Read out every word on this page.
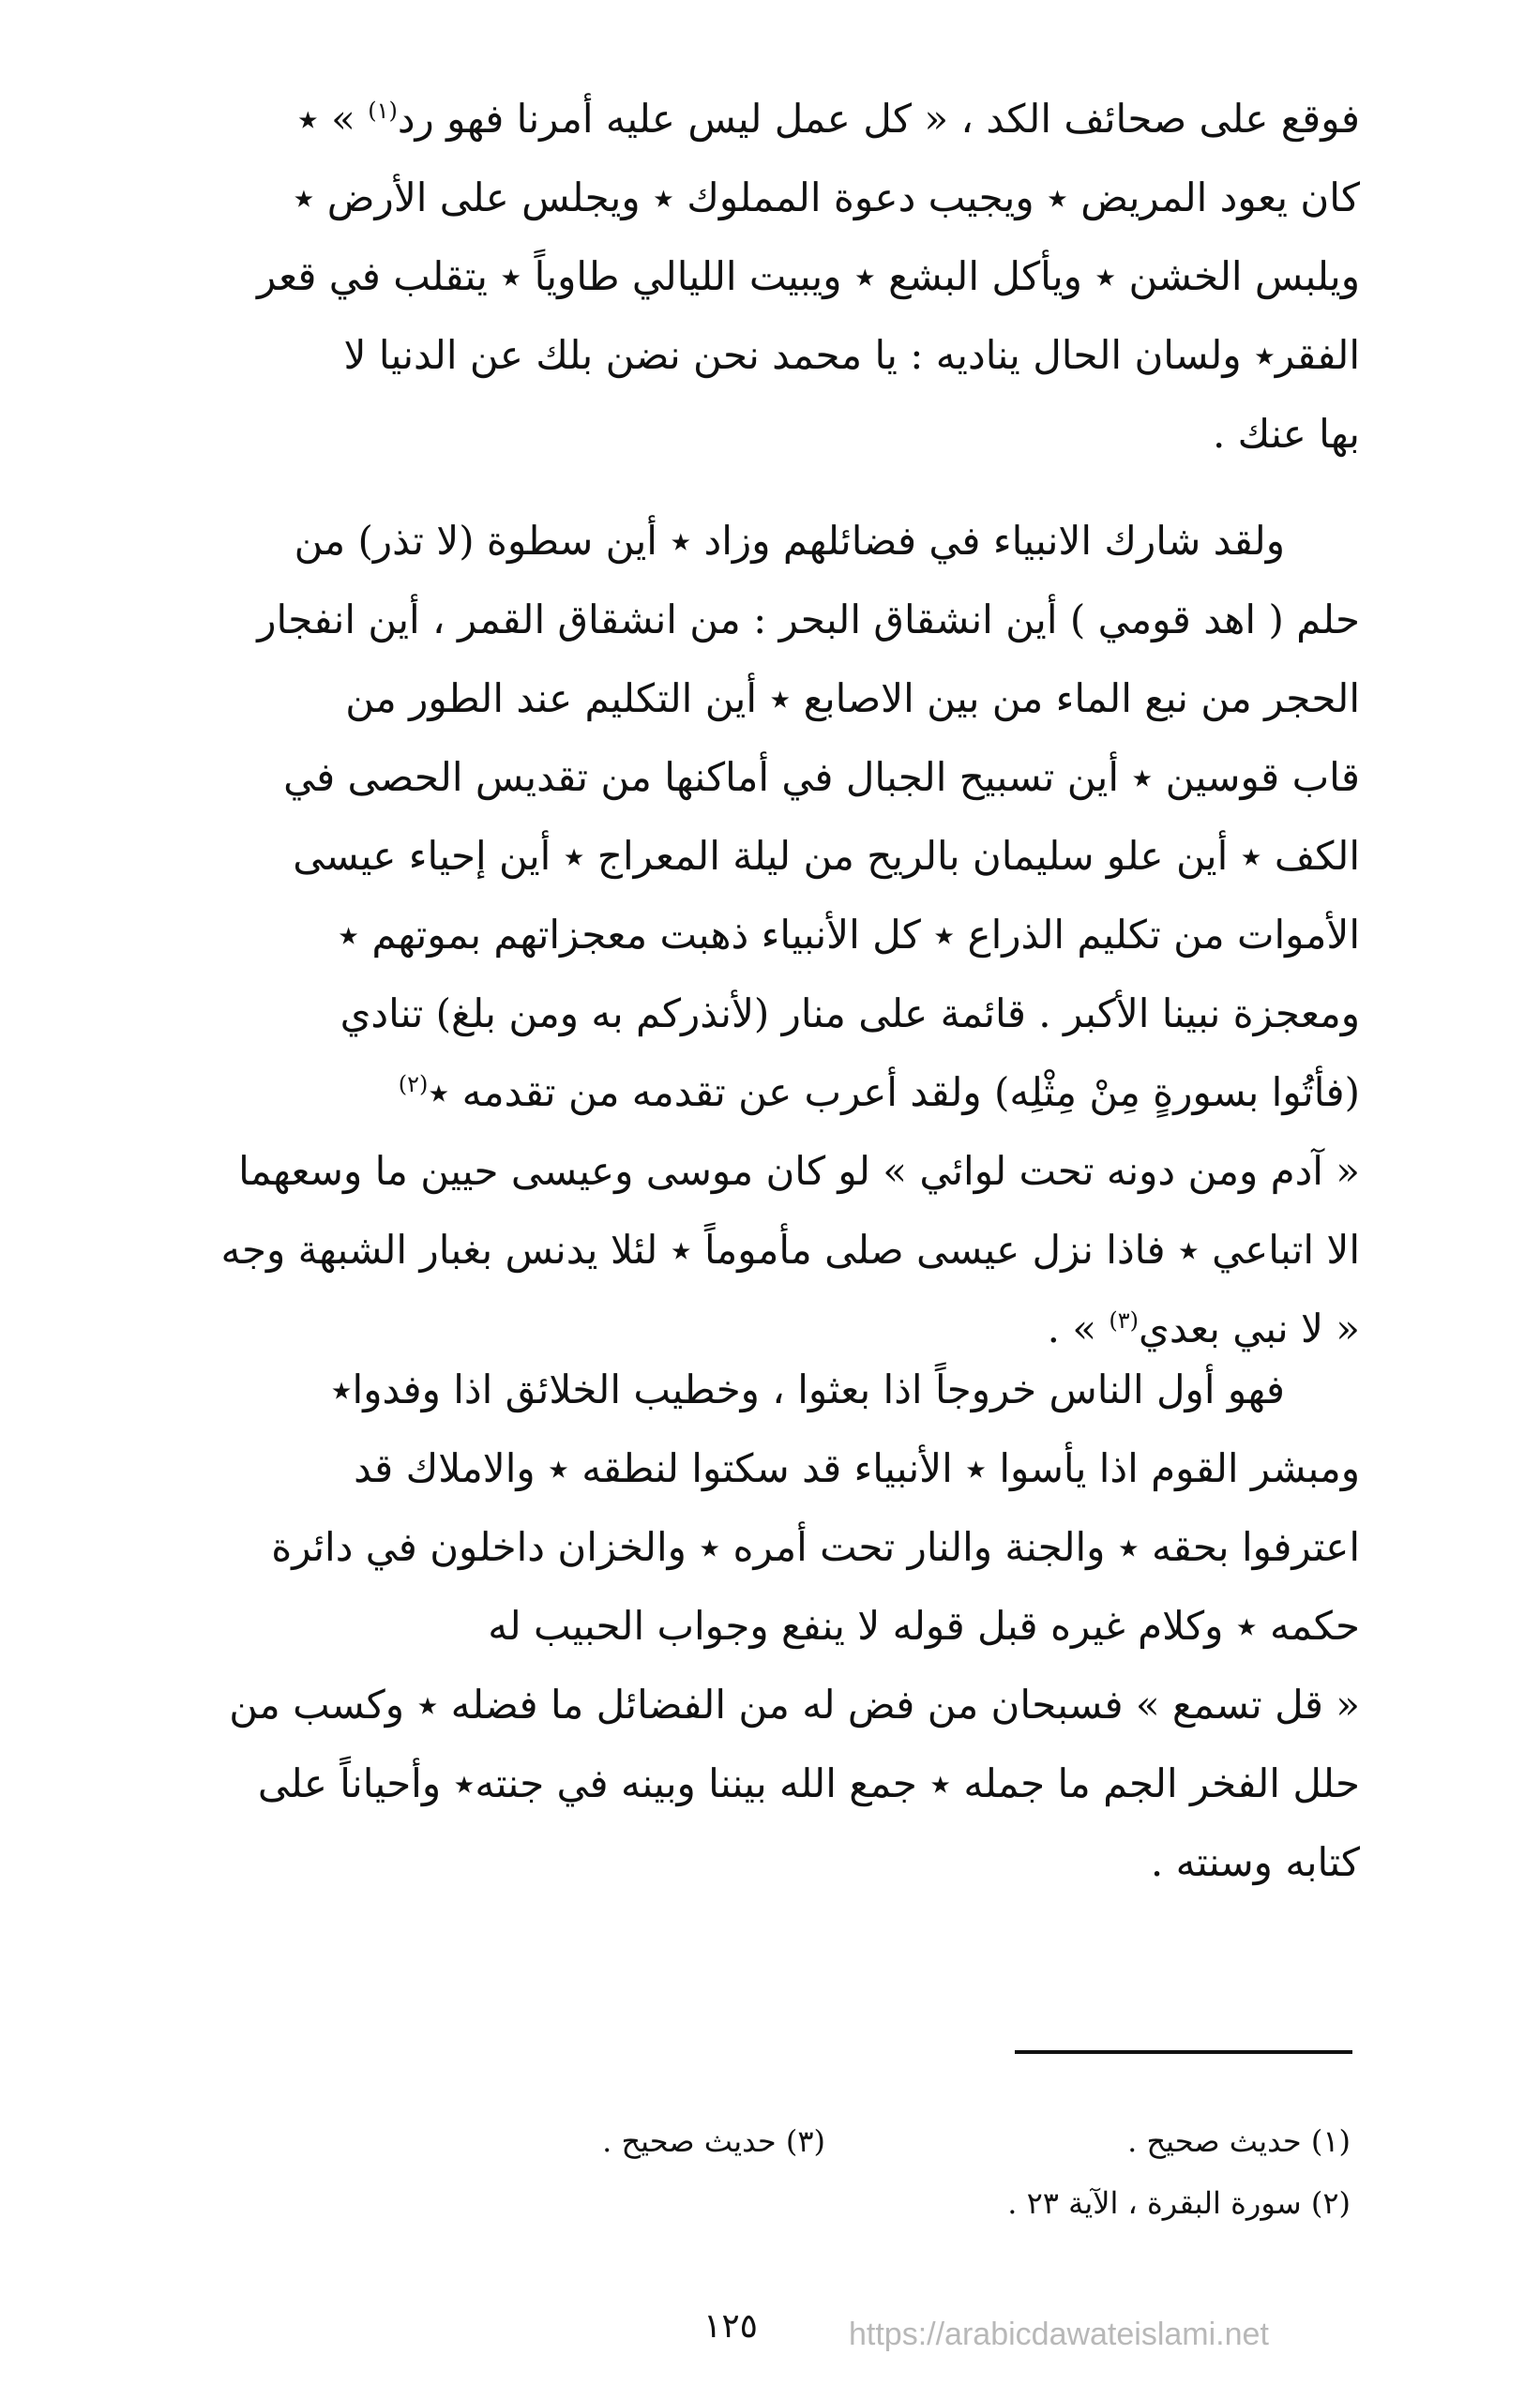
فوقع على صحائف الكد ، « كل عمل ليس عليه أمرنا فهو رد$^{(١)}$ » ٭
كان يعود المريض ٭ ويجيب دعوة المملوك ٭ ويجلس على الأرض ٭
ويلبس الخشن ٭ ويأكل البشع ٭ ويبيت الليالي طاوياً ٭ يتقلب في قعر
الفقر٭ ولسان الحال يناديه : يا محمد نحن نضن بلك عن الدنيا لا
بها عنك .
ولقد شارك الانبياء في فضائلهم وزاد ٭ أين سطوة (لا تذر) من
حلم ( اهد قومي ) أين انشقاق البحر : من انشقاق القمر ، أين انفجار
الحجر من نبع الماء من بين الاصابع ٭ أين التكليم عند الطور من
قاب قوسين ٭ أين تسبيح الجبال في أماكنها من تقديس الحصى في
الكف ٭ أين علو سليمان بالريح من ليلة المعراج ٭ أين إحياء عيسى
الأموات من تكليم الذراع ٭ كل الأنبياء ذهبت معجزاتهم بموتهم ٭
ومعجزة نبينا الأكبر . قائمة على منار (لأنذركم به ومن بلغ) تنادي
(فأتُوا بسورةٍ مِنْ مِثْلِه) ولقد أعرب عن تقدمه من تقدمه ٭$^{(٢)}$
« آدم ومن دونه تحت لوائي » لو كان موسى وعيسى حيين ما وسعهما
الا اتباعي ٭ فاذا نزل عيسى صلى مأموماً ٭ لئلا يدنس بغبار الشبهة وجه
« لا نبي بعدي$^{(٣)}$ » .
فهو أول الناس خروجاً اذا بعثوا ، وخطيب الخلائق اذا وفدوا٭
ومبشر القوم اذا يأسوا ٭ الأنبياء قد سكتوا لنطقه ٭ والاملاك قد
اعترفوا بحقه ٭ والجنة والنار تحت أمره ٭ والخزان داخلون في دائرة
حكمه ٭ وكلام غيره قبل قوله لا ينفع وجواب الحبيب له
« قل تسمع » فسبحان من فض له من الفضائل ما فضله ٭ وكسب من
حلل الفخر الجم ما جمله ٭ جمع الله بيننا وبينه في جنته٭ وأحياناً على
كتابه وسنته .
(١) حديث صحيح .
(٣) حديث صحيح .
(٢) سورة البقرة ، الآية ٢٣ .
١٢٥	https://arabicdawateislami.net
